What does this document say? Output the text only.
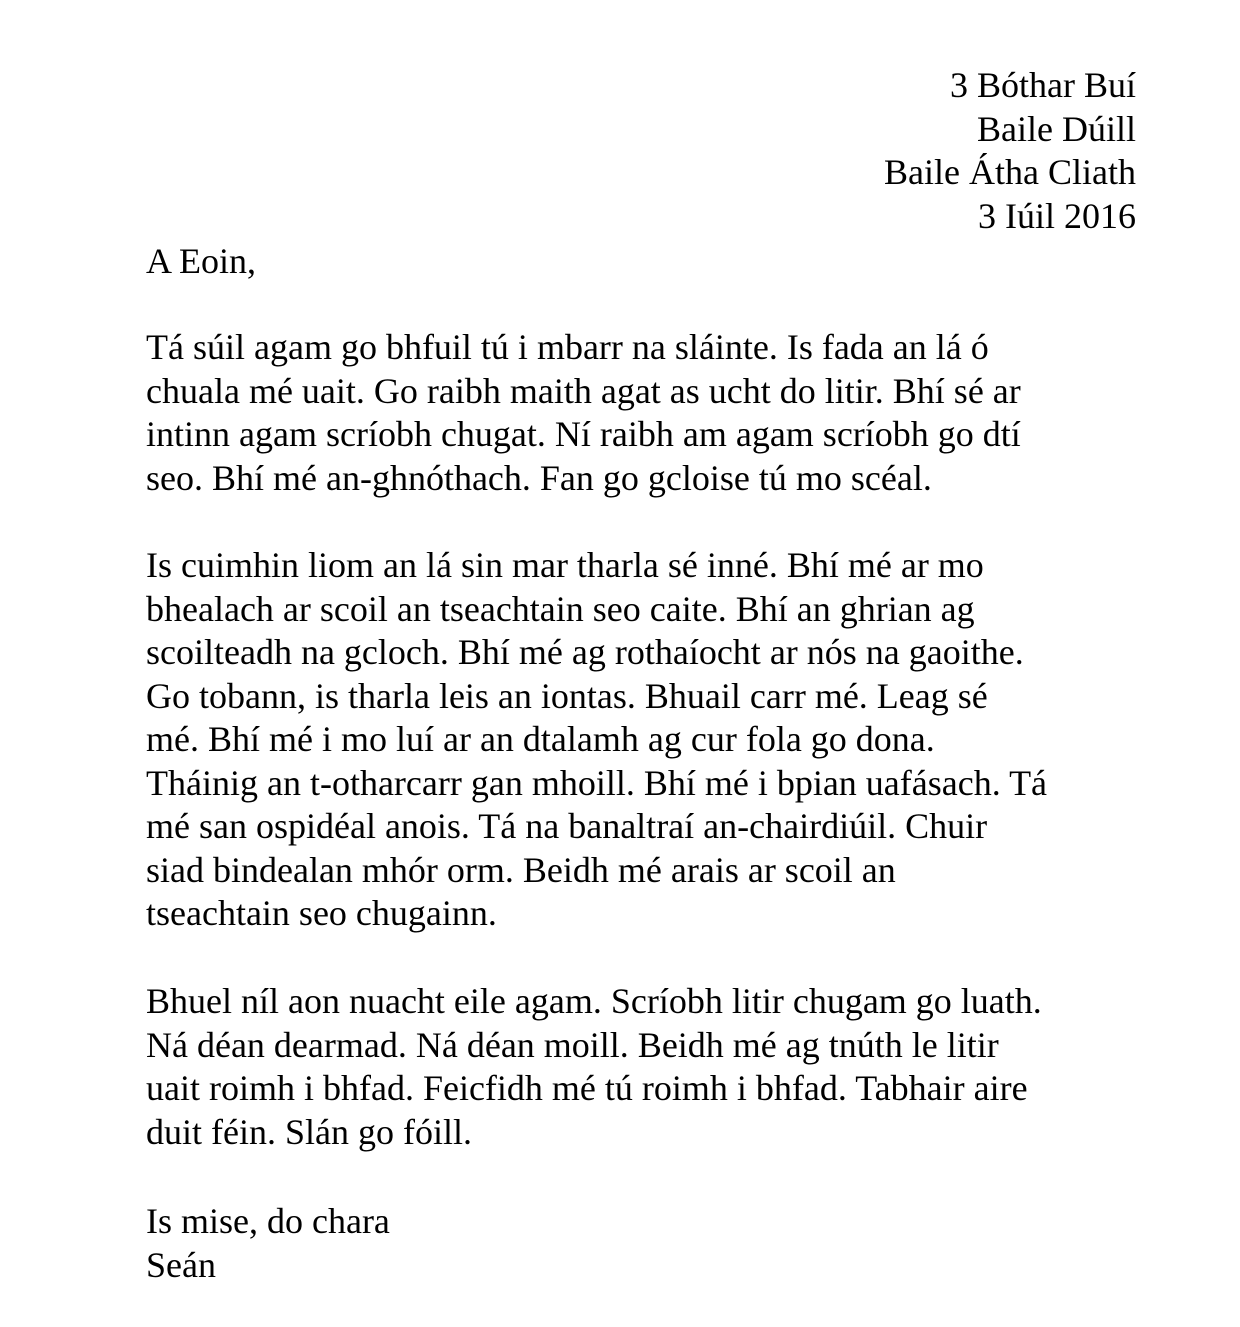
3 Bóthar Buí
Baile Dúill
Baile Átha Cliath
3 Iúil 2016
A Eoin,
Tá súil agam go bhfuil tú i mbarr na sláinte. Is fada an lá ó
chuala mé uait. Go raibh maith agat as ucht do litir. Bhí sé ar
intinn agam scríobh chugat. Ní raibh am agam scríobh go dtí
seo. Bhí mé an-ghnóthach. Fan go gcloise tú mo scéal.
Is cuimhin liom an lá sin mar tharla sé inné. Bhí mé ar mo
bhealach ar scoil an tseachtain seo caite. Bhí an ghrian ag
scoilteadh na gcloch. Bhí mé ag rothaíocht ar nós na gaoithe.
Go tobann, is tharla leis an iontas. Bhuail carr mé. Leag sé
mé. Bhí mé i mo luí ar an dtalamh ag cur fola go dona.
Tháinig an t-otharcarr gan mhoill. Bhí mé i bpian uafásach. Tá
mé san ospidéal anois. Tá na banaltraí an-chairdiúil. Chuir
siad bindealan mhór orm. Beidh mé arais ar scoil an
tseachtain seo chugainn.
Bhuel níl aon nuacht eile agam. Scríobh litir chugam go luath.
Ná déan dearmad. Ná déan moill. Beidh mé ag tnúth le litir
uait roimh i bhfad. Feicfidh mé tú roimh i bhfad. Tabhair aire
duit féin. Slán go fóill.
Is mise, do chara
Seán
